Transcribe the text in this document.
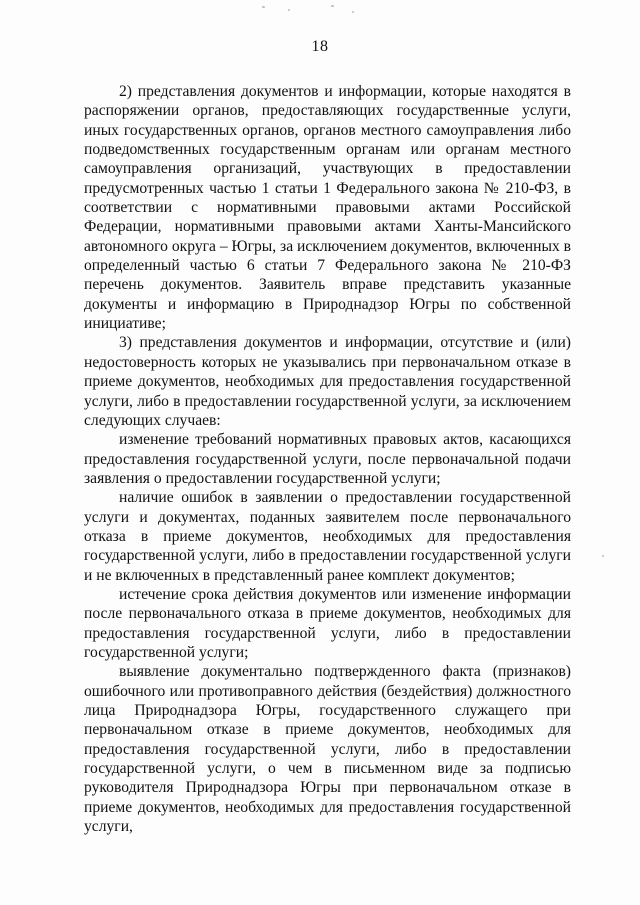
18

2) представления документов и информации, которые находятся в распоряжении органов, предоставляющих государственные услуги, иных государственных органов, органов местного самоуправления либо подведомственных государственным органам или органам местного самоуправления организаций, участвующих в предоставлении предусмотренных частью 1 статьи 1 Федерального закона № 210-ФЗ, в соответствии с нормативными правовыми актами Российской Федерации, нормативными правовыми актами Ханты-Мансийского автономного округа – Югры, за исключением документов, включенных в определенный частью 6 статьи 7 Федерального закона № 210-ФЗ перечень документов. Заявитель вправе представить указанные документы и информацию в Природнадзор Югры по собственной инициативе;

3) представления документов и информации, отсутствие и (или) недостоверность которых не указывались при первоначальном отказе в приеме документов, необходимых для предоставления государственной услуги, либо в предоставлении государственной услуги, за исключением следующих случаев:

изменение требований нормативных правовых актов, касающихся предоставления государственной услуги, после первоначальной подачи заявления о предоставлении государственной услуги;

наличие ошибок в заявлении о предоставлении государственной услуги и документах, поданных заявителем после первоначального отказа в приеме документов, необходимых для предоставления государственной услуги, либо в предоставлении государственной услуги и не включенных в представленный ранее комплект документов;

истечение срока действия документов или изменение информации после первоначального отказа в приеме документов, необходимых для предоставления государственной услуги, либо в предоставлении государственной услуги;

выявление документально подтвержденного факта (признаков) ошибочного или противоправного действия (бездействия) должностного лица Природнадзора Югры, государственного служащего при первоначальном отказе в приеме документов, необходимых для предоставления государственной услуги, либо в предоставлении государственной услуги, о чем в письменном виде за подписью руководителя Природнадзора Югры при первоначальном отказе в приеме документов, необходимых для предоставления государственной услуги,
